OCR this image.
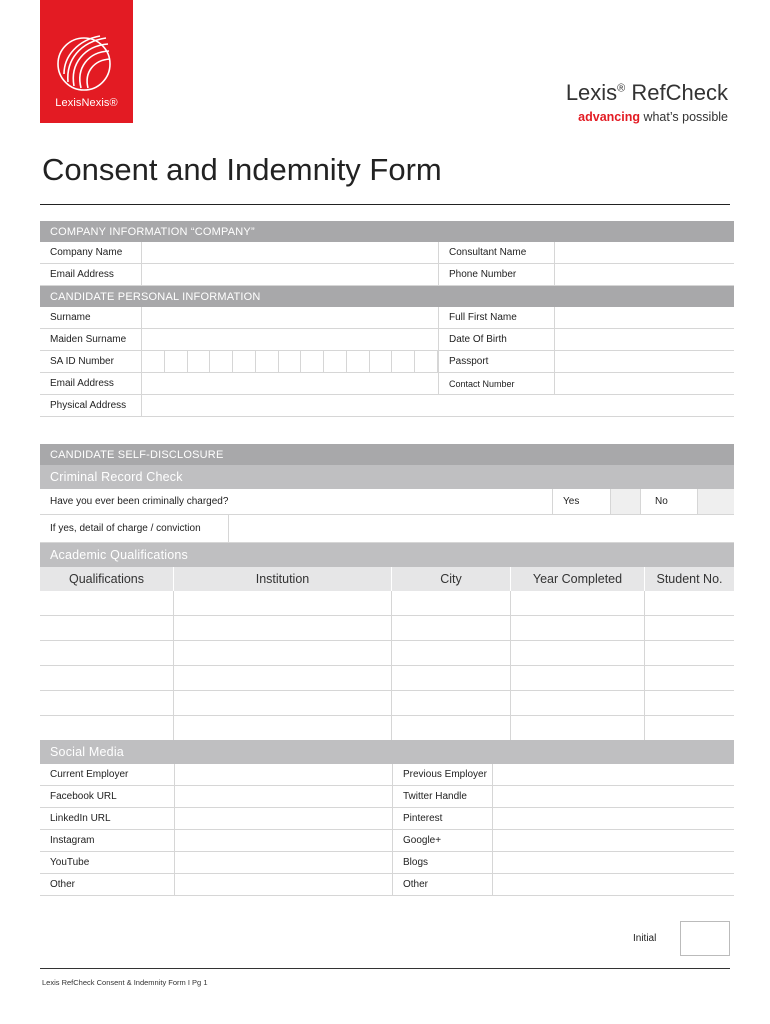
LexisNexis®	Lexis® RefCheck
advancing what’s possible
Consent and Indemnity Form
COMPANY INFORMATION “COMPANY”
Company Name	Consultant Name
Email Address	Phone Number
CANDIDATE PERSONAL INFORMATION
Surname	Full First Name
Maiden Surname	Date Of Birth
SA ID Number	Passport
Email Address	Contact Number
Physical Address
CANDIDATE SELF-DISCLOSURE
Criminal Record Check
Have you ever been criminally charged?	Yes	No
If yes, detail of charge / conviction
Academic Qualifications
Qualifications	Institution	City	Year Completed	Student No.
Social Media
Current Employer	Previous Employer
Facebook URL	Twitter Handle
LinkedIn URL	Pinterest
Instagram	Google+
YouTube	Blogs
Other	Other
Initial
Lexis RefCheck Consent & Indemnity Form I Pg 1
